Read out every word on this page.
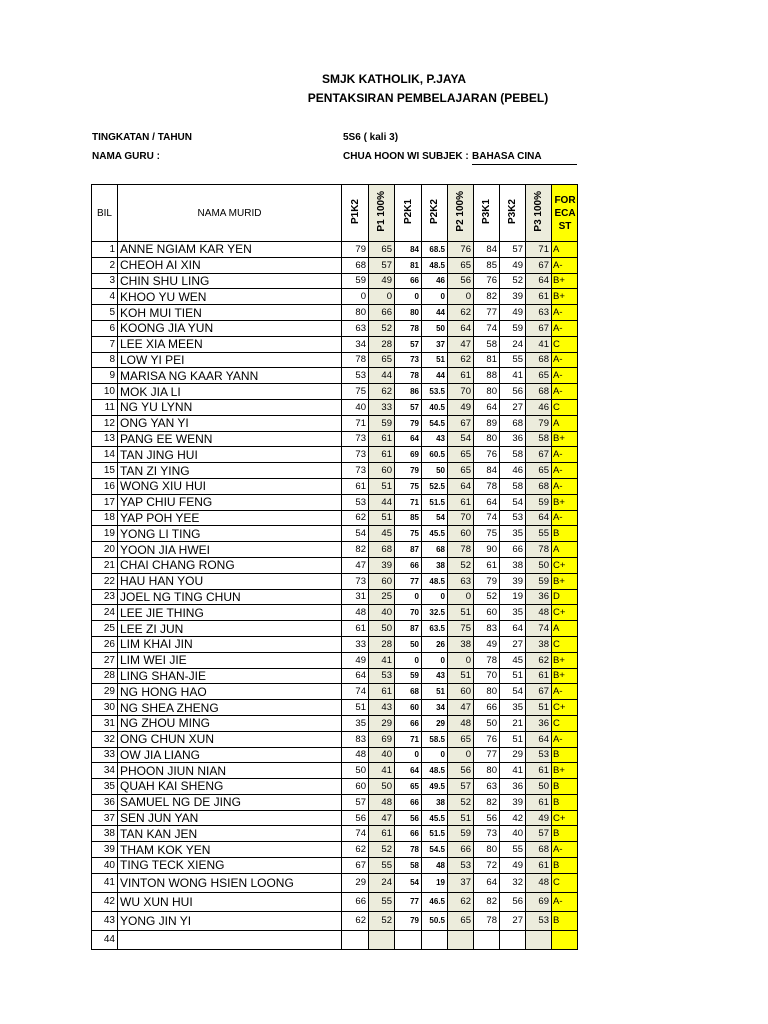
SMJK KATHOLIK, P.JAYA
PENTAKSIRAN PEMBELAJARAN (PEBEL)
TINGKATAN / TAHUN	5S6 ( kali 3)
NAMA GURU :	CHUA HOON WI SUBJEK : BAHASA CINA
BIL	NAMA MURID	P1K2	P1 100%	P2K1	P2K2	P2 100%	P3K1	P3K2	P3 100%	FOR
ECA
ST

1	ANNE NGIAM KAR YEN	79	65	84	68.5	76	84	57	71	A
2	CHEOH AI XIN	68	57	81	48.5	65	85	49	67	A-
3	CHIN SHU LING	59	49	66	46	56	76	52	64	B+
4	KHOO YU WEN	0	0	0	0	0	82	39	61	B+
5	KOH MUI TIEN	80	66	80	44	62	77	49	63	A-
6	KOONG JIA YUN	63	52	78	50	64	74	59	67	A-
7	LEE XIA MEEN	34	28	57	37	47	58	24	41	C
8	LOW YI PEI	78	65	73	51	62	81	55	68	A-
9	MARISA NG KAAR YANN	53	44	78	44	61	88	41	65	A-
10	MOK JIA LI	75	62	86	53.5	70	80	56	68	A-
11	NG YU LYNN	40	33	57	40.5	49	64	27	46	C
12	ONG YAN YI	71	59	79	54.5	67	89	68	79	A
13	PANG EE WENN	73	61	64	43	54	80	36	58	B+
14	TAN JING HUI	73	61	69	60.5	65	76	58	67	A-
15	TAN ZI YING	73	60	79	50	65	84	46	65	A-
16	WONG XIU HUI	61	51	75	52.5	64	78	58	68	A-
17	YAP CHIU FENG	53	44	71	51.5	61	64	54	59	B+
18	YAP POH YEE	62	51	85	54	70	74	53	64	A-
19	YONG LI TING	54	45	75	45.5	60	75	35	55	B
20	YOON JIA HWEI	82	68	87	68	78	90	66	78	A
21	CHAI CHANG RONG	47	39	66	38	52	61	38	50	C+
22	HAU HAN YOU	73	60	77	48.5	63	79	39	59	B+
23	JOEL NG TING CHUN	31	25	0	0	0	52	19	36	D
24	LEE JIE THING	48	40	70	32.5	51	60	35	48	C+
25	LEE ZI JUN	61	50	87	63.5	75	83	64	74	A
26	LIM KHAI JIN	33	28	50	26	38	49	27	38	C
27	LIM WEI JIE	49	41	0	0	0	78	45	62	B+
28	LING SHAN-JIE	64	53	59	43	51	70	51	61	B+
29	NG HONG HAO	74	61	68	51	60	80	54	67	A-
30	NG SHEA ZHENG	51	43	60	34	47	66	35	51	C+
31	NG ZHOU MING	35	29	66	29	48	50	21	36	C
32	ONG CHUN XUN	83	69	71	58.5	65	76	51	64	A-
33	OW JIA LIANG	48	40	0	0	0	77	29	53	B
34	PHOON JIUN NIAN	50	41	64	48.5	56	80	41	61	B+
35	QUAH KAI SHENG	60	50	65	49.5	57	63	36	50	B
36	SAMUEL NG DE JING	57	48	66	38	52	82	39	61	B
37	SEN JUN YAN	56	47	56	45.5	51	56	42	49	C+
38	TAN KAN JEN	74	61	66	51.5	59	73	40	57	B
39	THAM KOK YEN	62	52	78	54.5	66	80	55	68	A-
40	TING TECK XIENG	67	55	58	48	53	72	49	61	B
41	VINTON WONG HSIEN LOONG	29	24	54	19	37	64	32	48	C
42	WU XUN HUI	66	55	77	46.5	62	82	56	69	A-
43	YONG JIN YI	62	52	79	50.5	65	78	27	53	B
44										
